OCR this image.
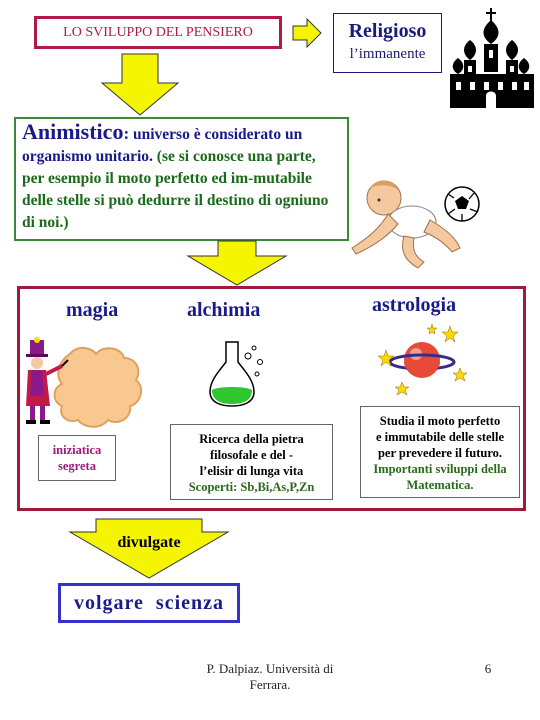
LO SVILUPPO DEL PENSIERO	Religioso
l’immanente
Animistico: universo è considerato un organismo unitario. (se si conosce una parte, per esempio il moto perfetto ed im-mutabile delle stelle si può dedurre il destino di ogniuno di noi.)
magia	alchimia	astrologia
iniziatica
segreta
Ricerca della pietra
filosofale e del -
l’elisir di lunga vita
Scoperti: Sb,Bi,As,P,Zn
Studia il moto perfetto
e immutabile delle stelle
per prevedere il futuro.
Importanti sviluppi della
Matematica.
divulgate
volgare  scienza
P. Dalpiaz. Università di
Ferrara.
6
